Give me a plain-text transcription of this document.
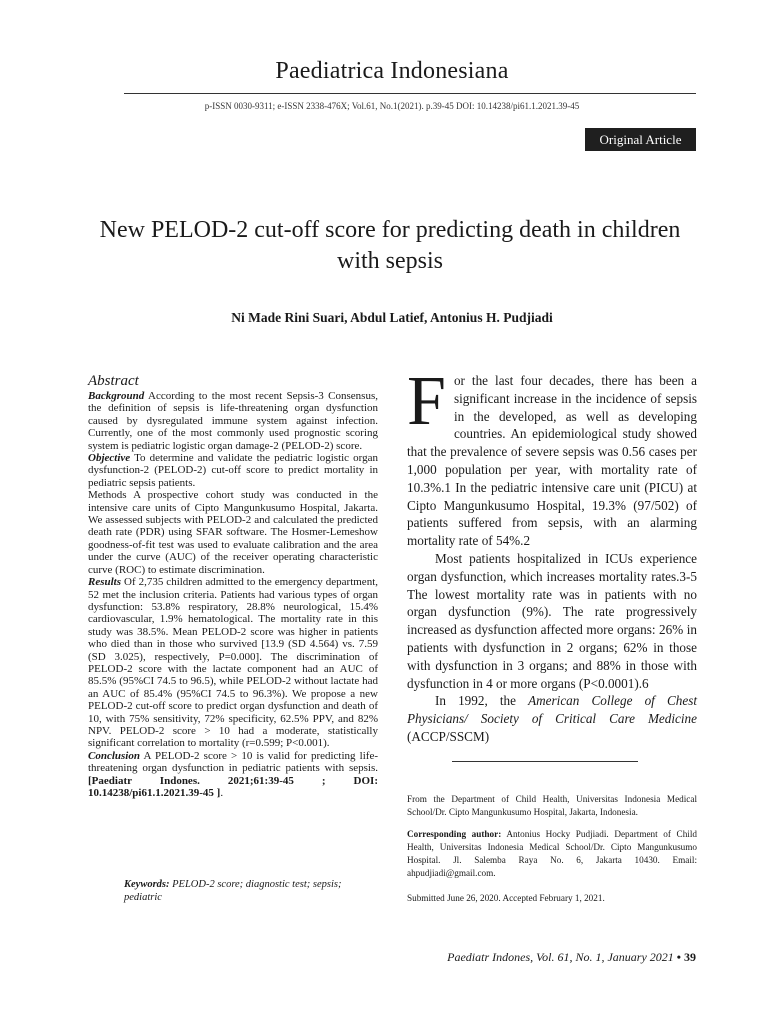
Paediatrica Indonesiana
p-ISSN 0030-9311; e-ISSN 2338-476X; Vol.61, No.1(2021). p.39-45 DOI: 10.14238/pi61.1.2021.39-45
Original Article
New PELOD-2 cut-off score for predicting death in children with sepsis
Ni Made Rini Suari, Abdul Latief, Antonius H. Pudjiadi
Abstract

Background According to the most recent Sepsis-3 Consensus, the definition of sepsis is life-threatening organ dysfunction caused by dysregulated immune system against infection. Currently, one of the most commonly used prognostic scoring system is pediatric logistic organ damage-2 (PELOD-2) score.

Objective To determine and validate the pediatric logistic organ dysfunction-2 (PELOD-2) cut-off score to predict mortality in pediatric sepsis patients.

Methods A prospective cohort study was conducted in the intensive care units of Cipto Mangunkusumo Hospital, Jakarta. We assessed subjects with PELOD-2 and calculated the predicted death rate (PDR) using SFAR software. The Hosmer-Lemeshow goodness-of-fit test was used to evaluate calibration and the area under the curve (AUC) of the receiver operating characteristic curve (ROC) to estimate discrimination.

Results Of 2,735 children admitted to the emergency department, 52 met the inclusion criteria. Patients had various types of organ dysfunction: 53.8% respiratory, 28.8% neurological, 15.4% cardiovascular, 1.9% hematological. The mortality rate in this study was 38.5%. Mean PELOD-2 score was higher in patients who died than in those who survived [13.9 (SD 4.564) vs. 7.59 (SD 3.025), respectively, P=0.000]. The discrimination of PELOD-2 score with the lactate component had an AUC of 85.5% (95%CI 74.5 to 96.5), while PELOD-2 without lactate had an AUC of 85.4% (95%CI 74.5 to 96.3%). We propose a new PELOD-2 cut-off score to predict organ dysfunction and death of 10, with 75% sensitivity, 72% specificity, 62.5% PPV, and 82% NPV. PELOD-2 score > 10 had a moderate, statistically significant correlation to mortality (r=0.599; P<0.001).

Conclusion A PELOD-2 score > 10 is valid for predicting life-threatening organ dysfunction in pediatric patients with sepsis. [Paediatr Indones. 2021;61:39-45 ; DOI: 10.14238/pi61.1.2021.39-45 ].

Keywords: PELOD-2 score; diagnostic test; sepsis; pediatric
F or the last four decades, there has been a significant increase in the incidence of sepsis in the developed, as well as developing countries. An epidemiological study showed that the prevalence of severe sepsis was 0.56 cases per 1,000 population per year, with mortality rate of 10.3%.1 In the pediatric intensive care unit (PICU) at Cipto Mangunkusumo Hospital, 19.3% (97/502) of patients suffered from sepsis, with an alarming mortality rate of 54%.2

Most patients hospitalized in ICUs experience organ dysfunction, which increases mortality rates.3-5 The lowest mortality rate was in patients with no organ dysfunction (9%). The rate progressively increased as dysfunction affected more organs: 26% in patients with dysfunction in 2 organs; 62% in those with dysfunction in 3 organs; and 88% in those with dysfunction in 4 or more organs (P<0.0001).6

In 1992, the American College of Chest Physicians/ Society of Critical Care Medicine (ACCP/SSCM)

From the Department of Child Health, Universitas Indonesia Medical School/Dr. Cipto Mangunkusumo Hospital, Jakarta, Indonesia.
Corresponding author: Antonius Hocky Pudjiadi. Department of Child Health, Universitas Indonesia Medical School/Dr. Cipto Mangunkusumo Hospital. Jl. Salemba Raya No. 6, Jakarta 10430. Email: ahpudjiadi@gmail.com.
Submitted June 26, 2020. Accepted February 1, 2021.
Paediatr Indones, Vol. 61, No. 1, January 2021 • 39
